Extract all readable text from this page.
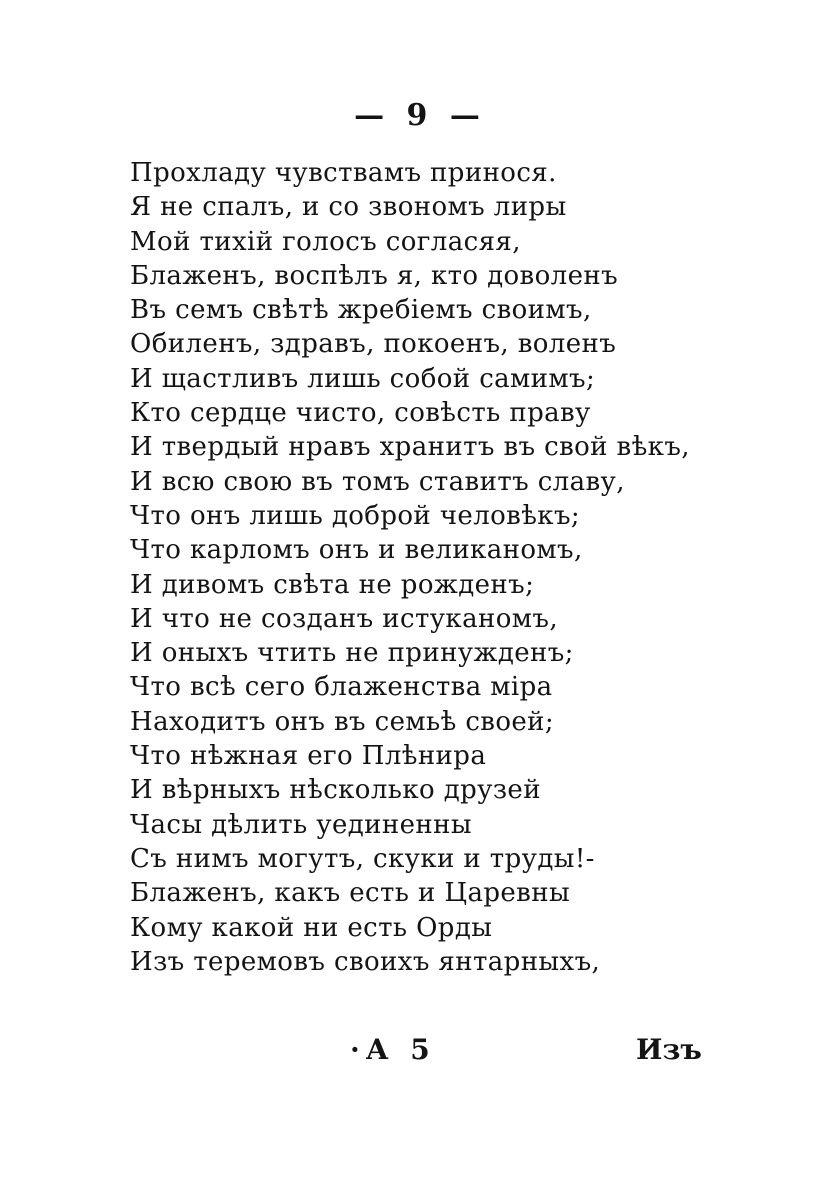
— 9 —
Прохладу чувствамъ принося.
Я не спалъ, и со звономъ лиры
Мой тихій голосъ согласяя,
Блаженъ, воспѣлъ я, кто доволенъ
Въ семъ свѣтѣ жребіемъ своимъ,
Обиленъ, здравъ, покоенъ, воленъ
И щастливъ лишь собой самимъ;
Кто сердце чисто, совѣсть праву
И твердый нравъ хранитъ въ свой вѣкъ,
И всю свою въ томъ ставитъ славу,
Что онъ лишь доброй человѣкъ;
Что карломъ онъ и великаномъ,
И дивомъ свѣта не рожденъ;
И что не созданъ истуканомъ,
И оныхъ чтить не принужденъ;
Что всѣ сего блаженства міра
Находитъ онъ въ семьѣ своей;
Что нѣжная его Плѣнира
И вѣрныхъ нѣсколько друзей
Часы дѣлить уединенны
Съ нимъ могутъ, скуки и труды!-
Блаженъ, какъ есть и Царевны
Кому какой ни есть Орды
Изъ теремовъ своихъ янтарныхъ,
·А 5	Изъ
